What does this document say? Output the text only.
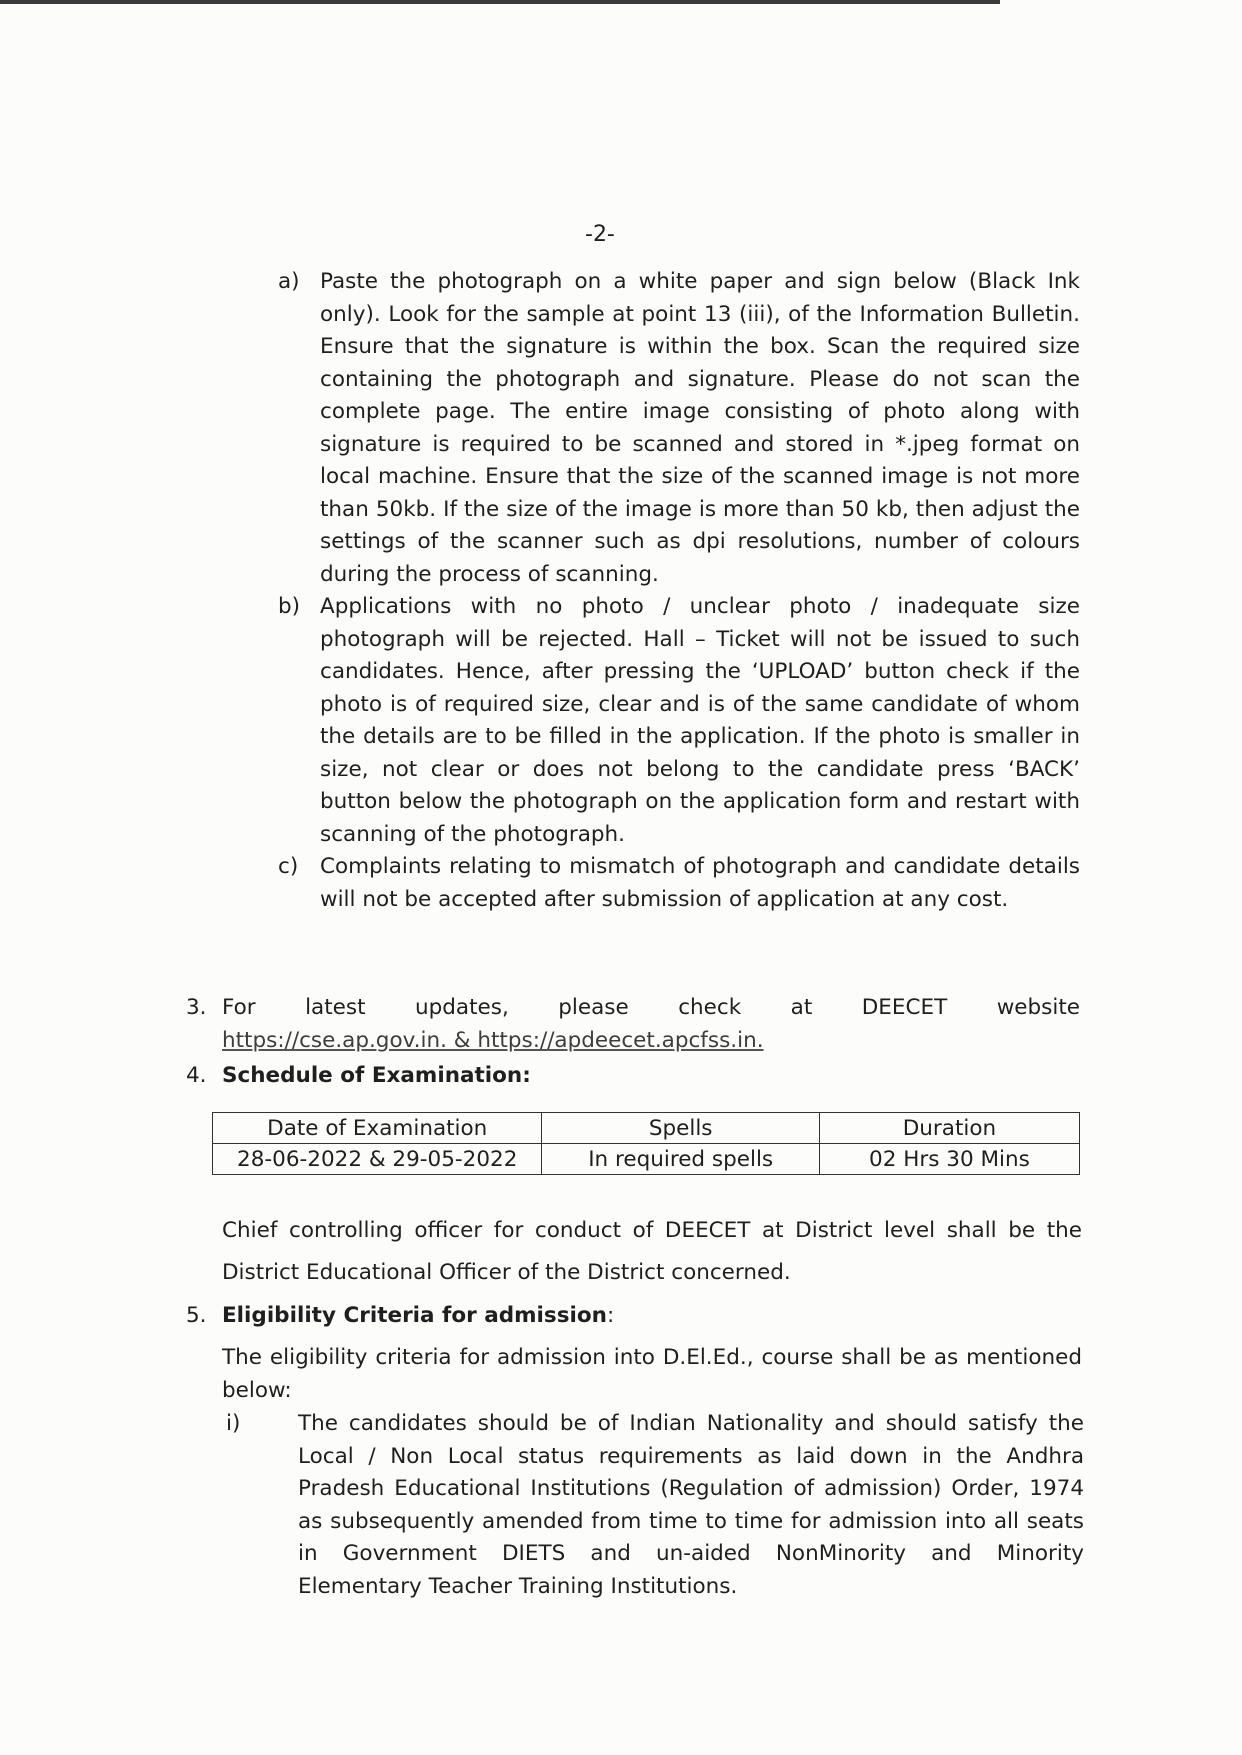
-2-
a) Paste the photograph on a white paper and sign below (Black Ink only). Look for the sample at point 13 (iii), of the Information Bulletin. Ensure that the signature is within the box. Scan the required size containing the photograph and signature. Please do not scan the complete page. The entire image consisting of photo along with signature is required to be scanned and stored in *.jpeg format on local machine. Ensure that the size of the scanned image is not more than 50kb. If the size of the image is more than 50 kb, then adjust the settings of the scanner such as dpi resolutions, number of colours during the process of scanning.
b) Applications with no photo / unclear photo / inadequate size photograph will be rejected. Hall – Ticket will not be issued to such candidates. Hence, after pressing the ‘UPLOAD’ button check if the photo is of required size, clear and is of the same candidate of whom the details are to be filled in the application. If the photo is smaller in size, not clear or does not belong to the candidate press ‘BACK’ button below the photograph on the application form and restart with scanning of the photograph.
c) Complaints relating to mismatch of photograph and candidate details will not be accepted after submission of application at any cost.
3. For latest updates, please check at DEECET website
https://cse.ap.gov.in. & https://apdeecet.apcfss.in.
4. Schedule of Examination:
Date of Examination	Spells	Duration
28-06-2022 & 29-05-2022	In required spells	02 Hrs 30 Mins
Chief controlling officer for conduct of DEECET at District level shall be the District Educational Officer of the District concerned.
5. Eligibility Criteria for admission:
The eligibility criteria for admission into D.El.Ed., course shall be as mentioned below:
i)	The candidates should be of Indian Nationality and should satisfy the Local / Non Local status requirements as laid down in the Andhra Pradesh Educational Institutions (Regulation of admission) Order, 1974 as subsequently amended from time to time for admission into all seats in Government DIETS and un-aided NonMinority and Minority Elementary Teacher Training Institutions.
